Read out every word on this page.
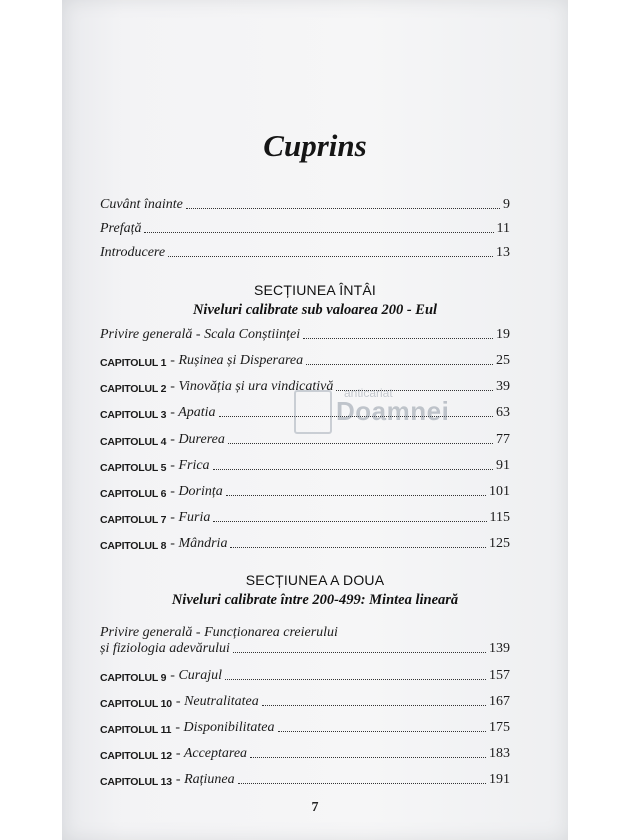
Cuprins
Cuvânt înainte	9
Prefață	11
Introducere	13
SECȚIUNEA ÎNTÂI
Niveluri calibrate sub valoarea 200 - Eul
Privire generală - Scala Conștiinței	19
CAPITOLUL 1 - Rușinea și Disperarea	25
CAPITOLUL 2 - Vinovăția și ura vindicativă	39
CAPITOLUL 3 - Apatia	63
CAPITOLUL 4 - Durerea	77
CAPITOLUL 5 - Frica	91
CAPITOLUL 6 - Dorința	101
CAPITOLUL 7 - Furia	115
CAPITOLUL 8 - Mândria	125
SECȚIUNEA A DOUA
Niveluri calibrate între 200-499: Mintea lineară
Privire generală - Funcționarea creierului
și fiziologia adevărului	139
CAPITOLUL 9 - Curajul	157
CAPITOLUL 10 - Neutralitatea	167
CAPITOLUL 11 - Disponibilitatea	175
CAPITOLUL 12 - Acceptarea	183
CAPITOLUL 13 - Rațiunea	191
7
anticariat
Doamnei
